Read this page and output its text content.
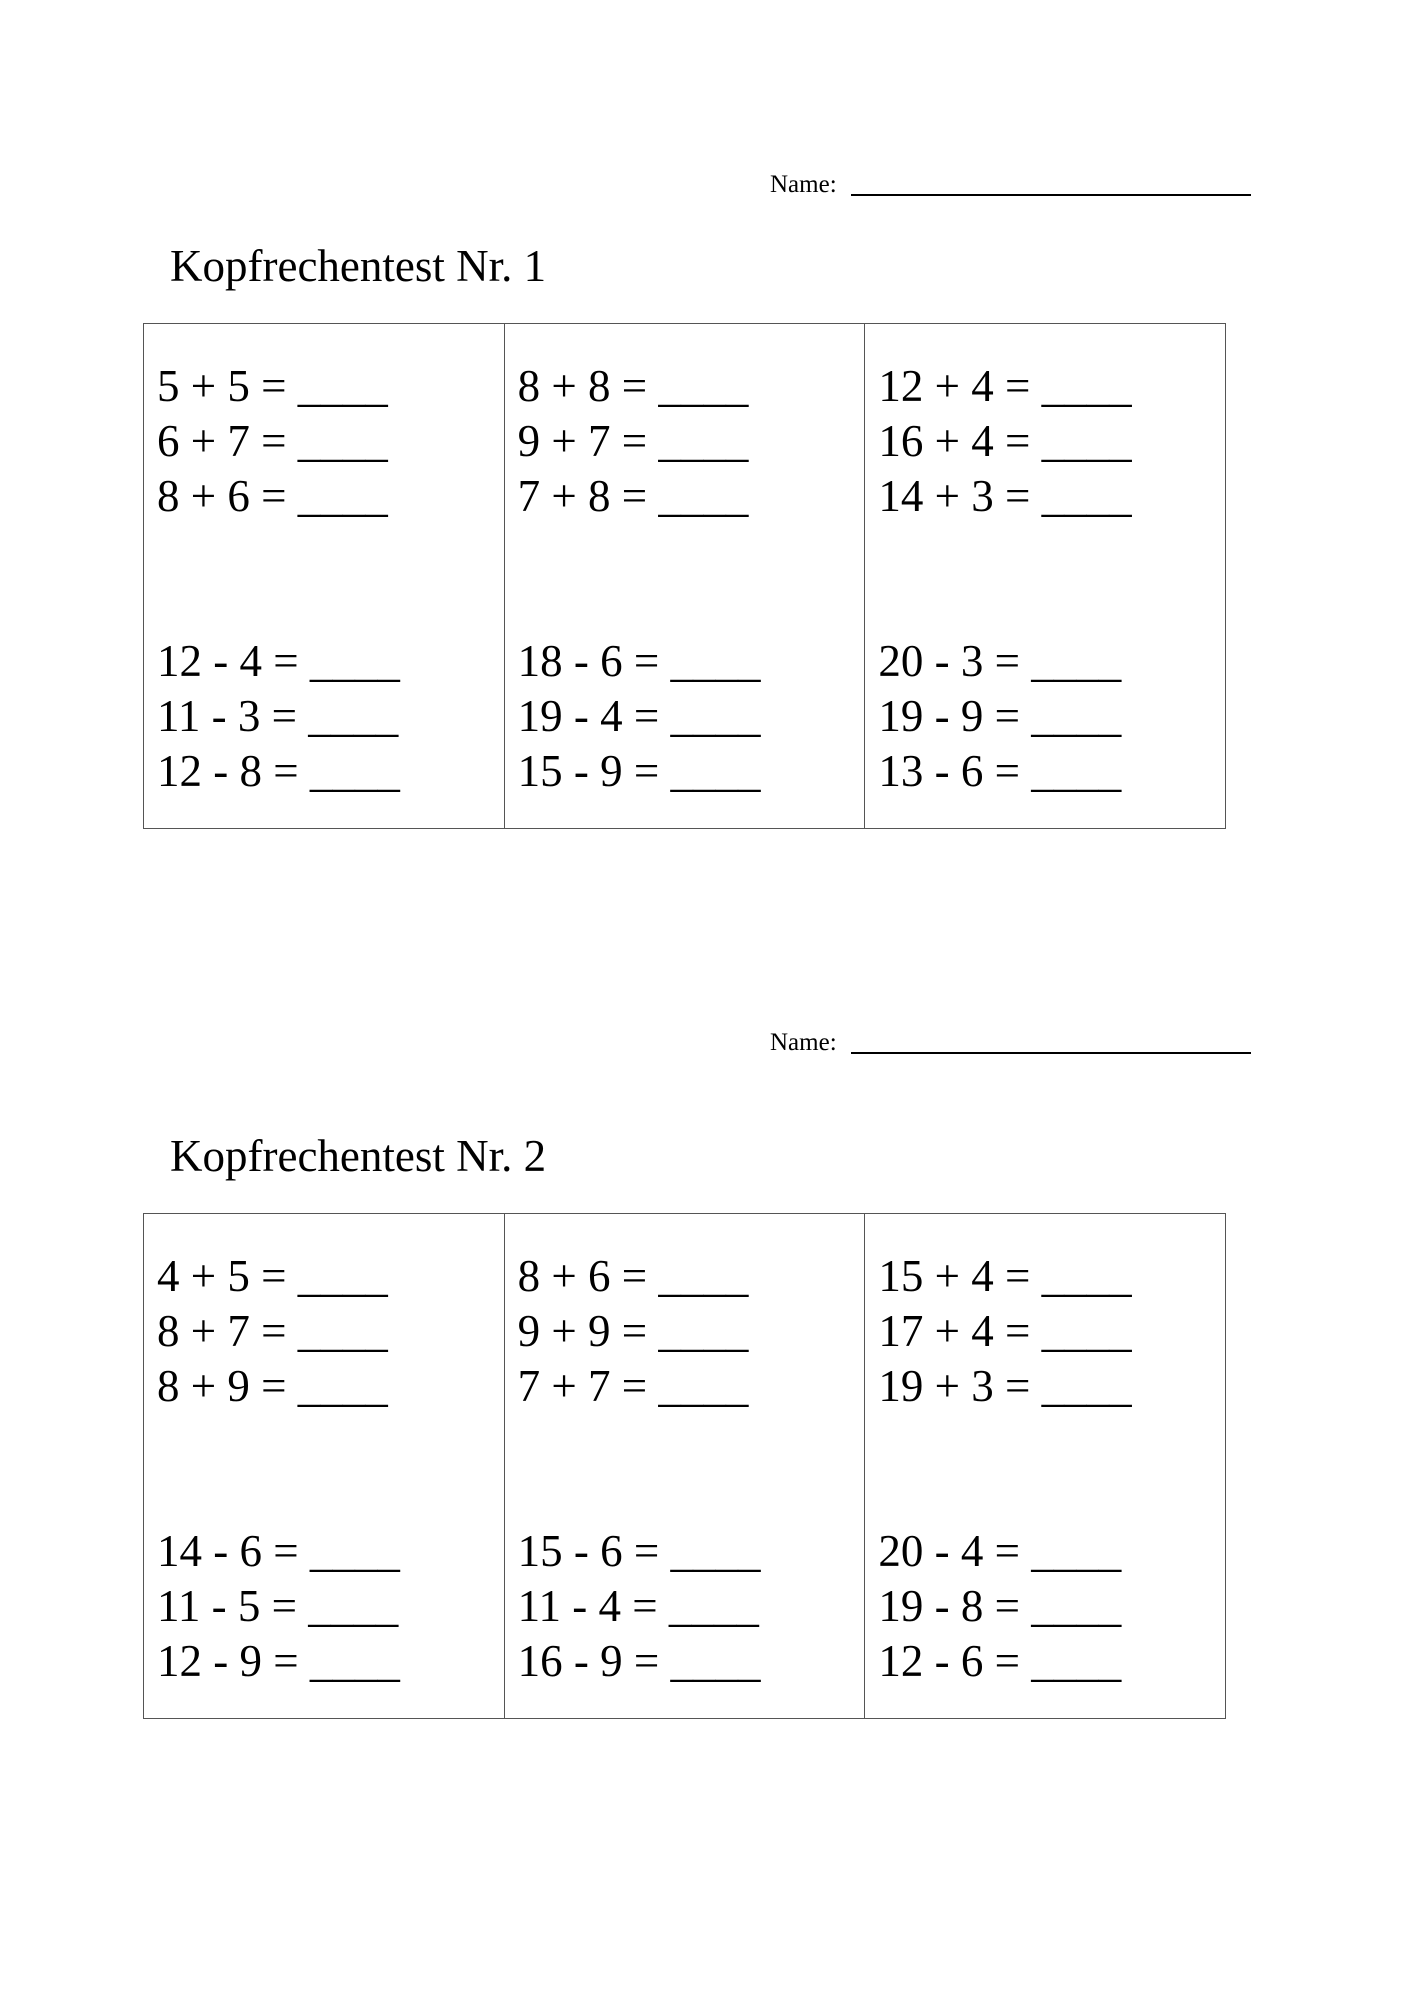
Name:
Kopfrechentest Nr. 1
5 + 5 = ____
6 + 7 = ____
8 + 6 = ____
12 - 4 = ____
11 - 3 = ____
12 - 8 = ____
8 + 8 = ____
9 + 7 = ____
7 + 8 = ____
18 - 6 = ____
19 - 4 = ____
15 - 9 = ____
12 + 4 = ____
16 + 4 = ____
14 + 3 = ____
20 - 3 = ____
19 - 9 = ____
13 - 6 = ____
Name:
Kopfrechentest Nr. 2
4 + 5 = ____
8 + 7 = ____
8 + 9 = ____
14 - 6 = ____
11 - 5 = ____
12 - 9 = ____
8 + 6 = ____
9 + 9 = ____
7 + 7 = ____
15 - 6 = ____
11 - 4 = ____
16 - 9 = ____
15 + 4 = ____
17 + 4 = ____
19 + 3 = ____
20 - 4 = ____
19 - 8 = ____
12 - 6 = ____
